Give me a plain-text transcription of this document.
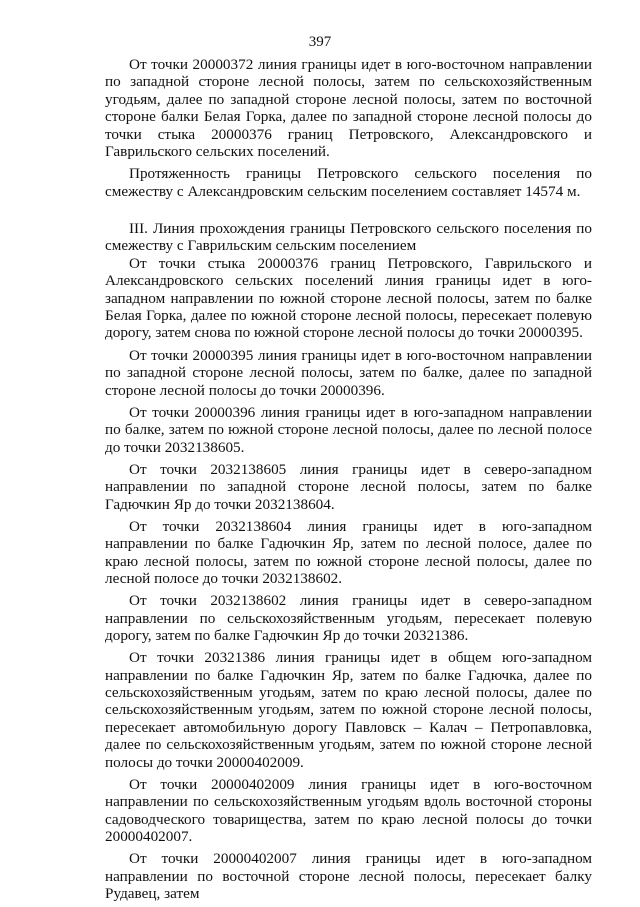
397

От точки 20000372 линия границы идет в юго-восточном направлении по западной стороне лесной полосы, затем по сельскохозяйственным угодьям, далее по западной стороне лесной полосы, затем по восточной стороне балки Белая Горка, далее по западной стороне лесной полосы до точки стыка 20000376 границ Петровского, Александровского и Гаврильского сельских поселений.

Протяженность границы Петровского сельского поселения по смежеству с Александровским сельским поселением составляет 14574 м.

III. Линия прохождения границы Петровского сельского поселения по смежеству с Гаврильским сельским поселением

От точки стыка 20000376 границ Петровского, Гаврильского и Александровского сельских поселений линия границы идет в юго-западном направлении по южной стороне лесной полосы, затем по балке Белая Горка, далее по южной стороне лесной полосы, пересекает полевую дорогу, затем снова по южной стороне лесной полосы до точки 20000395.

От точки 20000395 линия границы идет в юго-восточном направлении по западной стороне лесной полосы, затем по балке, далее по западной стороне лесной полосы до точки 20000396.

От точки 20000396 линия границы идет в юго-западном направлении по балке, затем по южной стороне лесной полосы, далее по лесной полосе до точки 2032138605.

От точки 2032138605 линия границы идет в северо-западном направлении по западной стороне лесной полосы, затем по балке Гадючкин Яр до точки 2032138604.

От точки 2032138604 линия границы идет в юго-западном направлении по балке Гадючкин Яр, затем по лесной полосе, далее по краю лесной полосы, затем по южной стороне лесной полосы, далее по лесной полосе до точки 2032138602.

От точки 2032138602 линия границы идет в северо-западном направлении по сельскохозяйственным угодьям, пересекает полевую дорогу, затем по балке Гадючкин Яр до точки 20321386.

От точки 20321386 линия границы идет в общем юго-западном направлении по балке Гадючкин Яр, затем по балке Гадючка, далее по сельскохозяйственным угодьям, затем по краю лесной полосы, далее по сельскохозяйственным угодьям, затем по южной стороне лесной полосы, пересекает автомобильную дорогу Павловск – Калач – Петропавловка, далее по сельскохозяйственным угодьям, затем по южной стороне лесной полосы до точки 20000402009.

От точки 20000402009 линия границы идет в юго-восточном направлении по сельскохозяйственным угодьям вдоль восточной стороны садоводческого товарищества, затем по краю лесной полосы до точки 20000402007.

От точки 20000402007 линия границы идет в юго-западном направлении по восточной стороне лесной полосы, пересекает балку Рудавец, затем
